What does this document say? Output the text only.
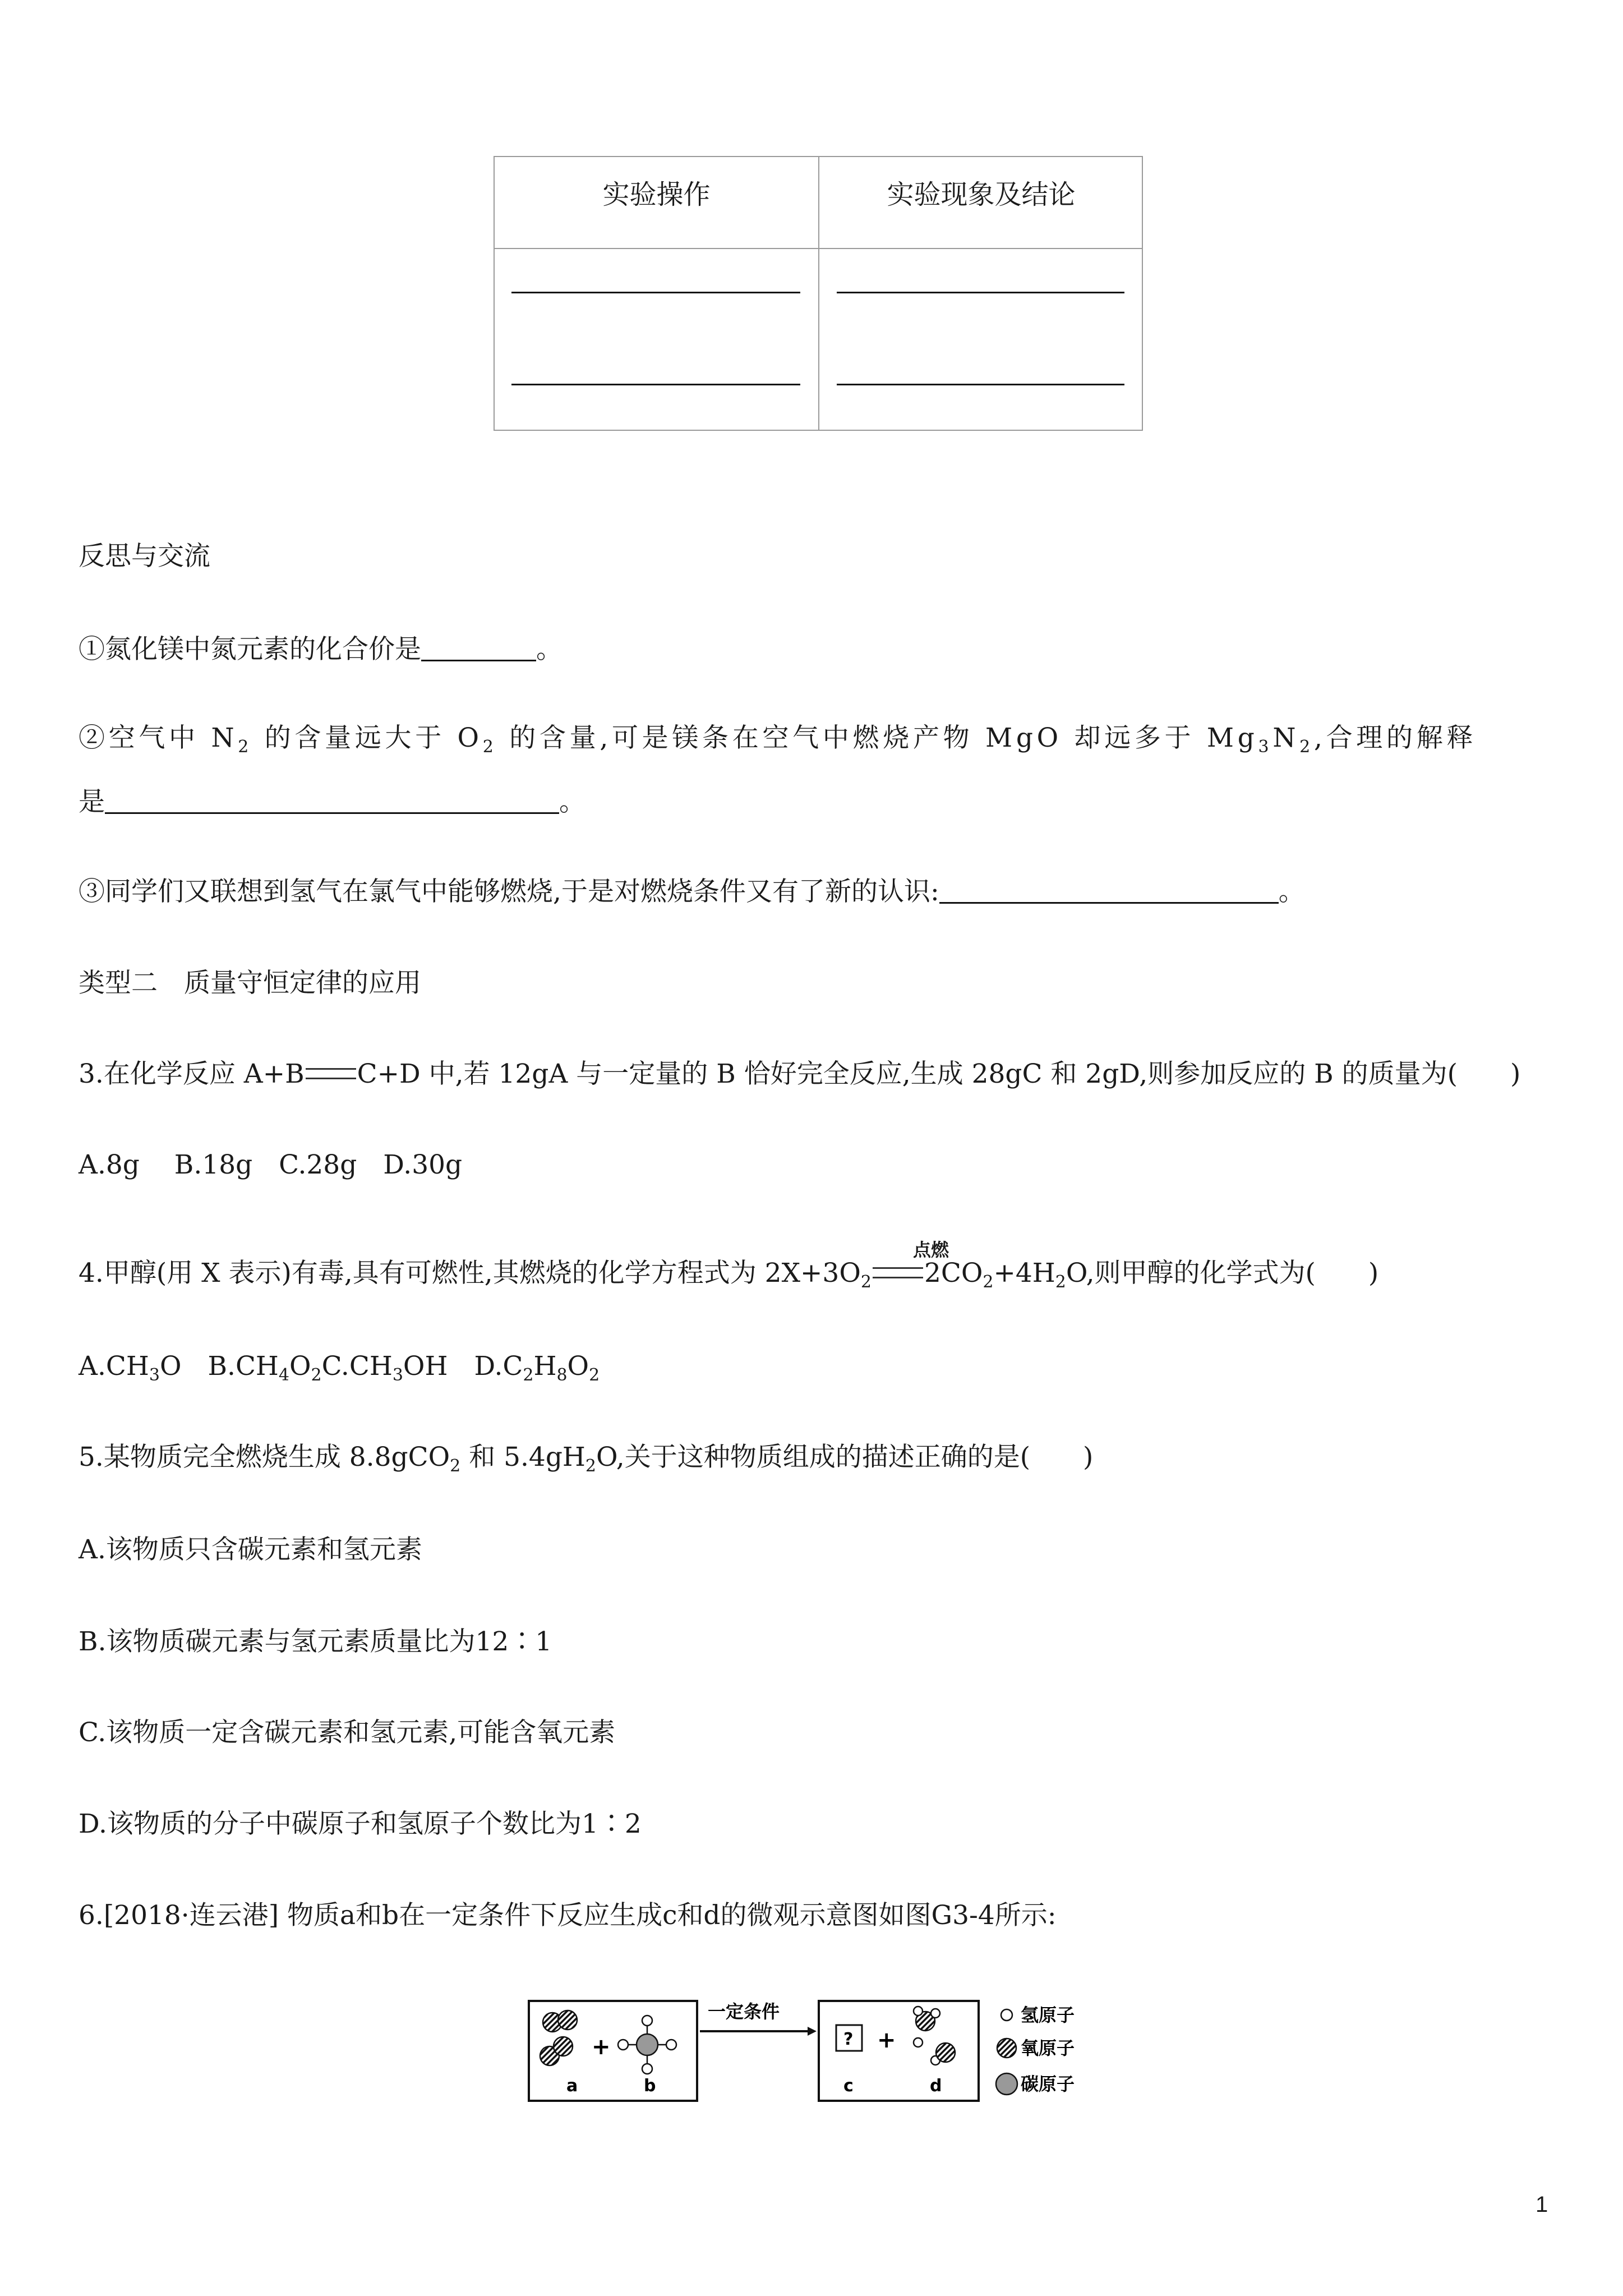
实验操作	实验现象及结论
反思与交流
①氮化镁中氮元素的化合价是	。
②空气中 $N_2$ 的含量远大于 $O_2$ 的含量,可是镁条在空气中燃烧产物 MgO 却远多于 $Mg_3N_2$,合理的解释
是	。
③同学们又联想到氢气在氯气中能够燃烧,于是对燃烧条件又有了新的认识:	。
类型二　质量守恒定律的应用
3.在化学反应 A+B C+D 中,若 12gA 与一定量的 B 恰好完全反应,生成 28gC 和 2gD,则参加反应的 B 的质量为(　　)
A.8g　 B.18g　C.28g　D.30g
点燃
4.甲醇(用 X 表示)有毒,具有可燃性,其燃烧的化学方程式为 $2X+3O_2$ $2CO_2+4H_2O$,则甲醇的化学式为(　　)
$A.CH_3O$　$B.CH_4O_2C.CH_3OH$　$D.C_2H_8O_2$
5.某物质完全燃烧生成 8.8gCO$_2$ 和 $5.4gH_2O$,关于这种物质组成的描述正确的是(　　)
A.该物质只含碳元素和氢元素
B.该物质碳元素与氢元素质量比为12∶1
C.该物质一定含碳元素和氢元素,可能含氧元素
D.该物质的分子中碳原子和氢原子个数比为1∶2
6.[2018·连云港] 物质a和b在一定条件下反应生成c和d的微观示意图如图G3-4所示:
+
a	b
一定条件
? +
c	d
氢原子
氧原子
碳原子
1
